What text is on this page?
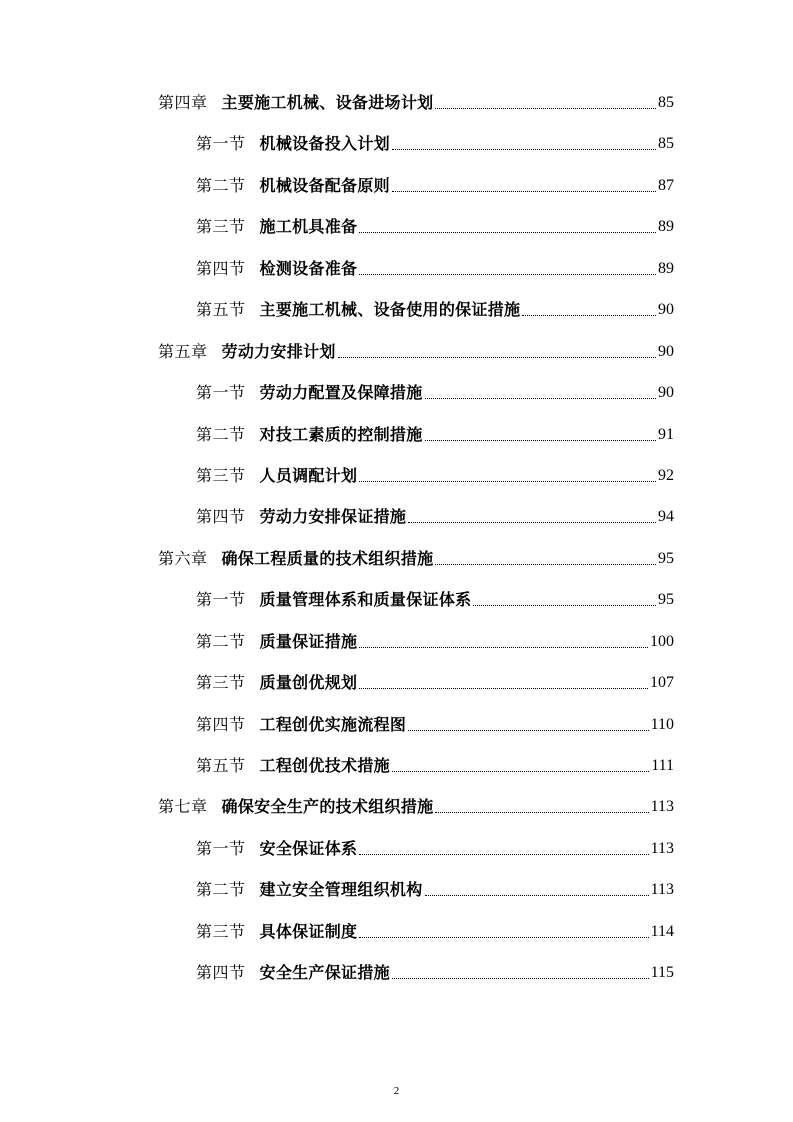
第四章 主要施工机械、设备进场计划	85
第一节 机械设备投入计划	85
第二节 机械设备配备原则	87
第三节 施工机具准备	89
第四节 检测设备准备	89
第五节 主要施工机械、设备使用的保证措施	90
第五章 劳动力安排计划	90
第一节 劳动力配置及保障措施	90
第二节 对技工素质的控制措施	91
第三节 人员调配计划	92
第四节 劳动力安排保证措施	94
第六章 确保工程质量的技术组织措施	95
第一节 质量管理体系和质量保证体系	95
第二节 质量保证措施	100
第三节 质量创优规划	107
第四节 工程创优实施流程图	110
第五节 工程创优技术措施	111
第七章 确保安全生产的技术组织措施	113
第一节 安全保证体系	113
第二节 建立安全管理组织机构	113
第三节 具体保证制度	114
第四节 安全生产保证措施	115
2
